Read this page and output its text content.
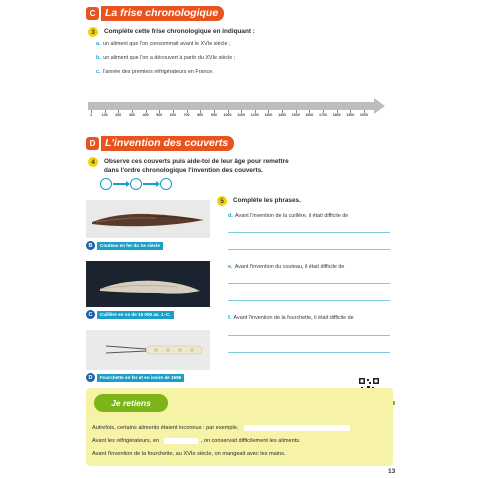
C La frise chronologique
3	Complète cette frise chronologique en indiquant :
a. un aliment que l'on consommait avant le XVIe siècle ;
b. un aliment que l'on a découvert à partir du XVIe siècle ;
c. l'année des premiers réfrigérateurs en France.
1	100 200 300 400 500 600 700 800 900 1000 1100 1200 1300 1400 1500 1600 1700 1800 1900 2000
D L'invention des couverts
4	Observe ces couverts puis aide-toi de leur âge pour remettre
dans l'ordre chronologique l'invention des couverts.
B	Couteau en fer du Xe siècle
C	Cuillère en os de 15 000 av. J.-C.
D	Fourchette en fer et en ivoire de 1595
5	Complète les phrases.
d. Avant l'invention de la cuillère, il était difficile de
e. Avant l'invention du couteau, il était difficile de
f. Avant l'invention de la fourchette, il était difficile de
Je retiens
Autrefois, certains aliments étaient inconnus : par exemple,
Avant les réfrigérateurs, en	, on conservait difficilement les aliments.
Avant l'invention de la fourchette, au XVIe siècle, on mangeait avec les mains.
13
